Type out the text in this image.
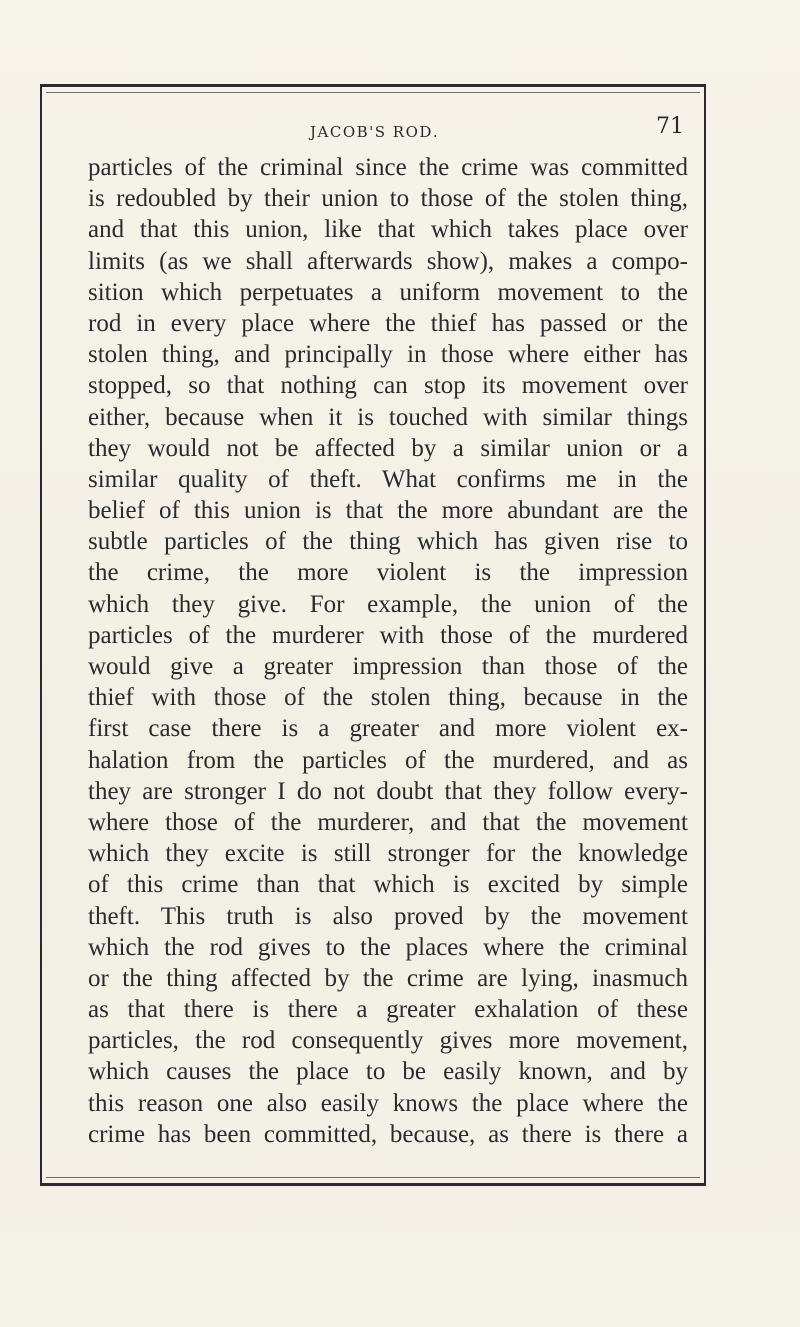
jacob's rod.	71
particles of the criminal since the crime was committed
is redoubled by their union to those of the stolen thing,
and that this union, like that which takes place over
limits (as we shall afterwards show), makes a compo-
sition which perpetuates a uniform movement to the
rod in every place where the thief has passed or the
stolen thing, and principally in those where either has
stopped, so that nothing can stop its movement over
either, because when it is touched with similar things
they would not be affected by a similar union or a
similar quality of theft. What confirms me in the
belief of this union is that the more abundant are the
subtle particles of the thing which has given rise to
the crime, the more violent is the impression
which they give. For example, the union of the
particles of the murderer with those of the murdered
would give a greater impression than those of the
thief with those of the stolen thing, because in the
first case there is a greater and more violent ex-
halation from the particles of the murdered, and as
they are stronger I do not doubt that they follow every-
where those of the murderer, and that the movement
which they excite is still stronger for the knowledge
of this crime than that which is excited by simple
theft. This truth is also proved by the movement
which the rod gives to the places where the criminal
or the thing affected by the crime are lying, inasmuch
as that there is there a greater exhalation of these
particles, the rod consequently gives more movement,
which causes the place to be easily known, and by
this reason one also easily knows the place where the
crime has been committed, because, as there is there a
